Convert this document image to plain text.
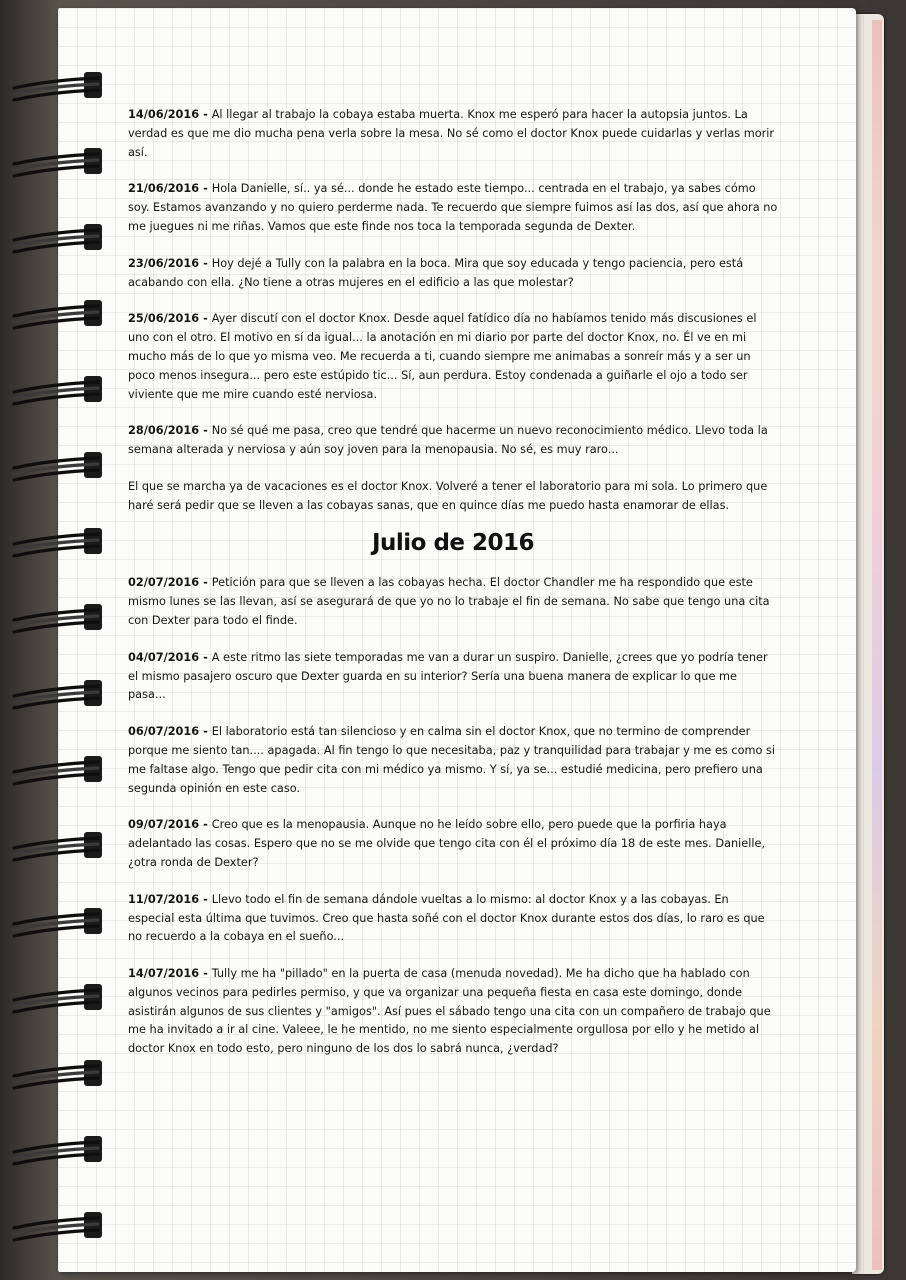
14/06/2016 - Al llegar al trabajo la cobaya estaba muerta. Knox me esperó para hacer la autopsia juntos. La verdad es que me dio mucha pena verla sobre la mesa. No sé como el doctor Knox puede cuidarlas y verlas morir así.

21/06/2016 - Hola Danielle, sí.. ya sé... donde he estado este tiempo... centrada en el trabajo, ya sabes cómo soy. Estamos avanzando y no quiero perderme nada. Te recuerdo que siempre fuimos así las dos, así que ahora no me juegues ni me riñas. Vamos que este finde nos toca la temporada segunda de Dexter.

23/06/2016 - Hoy dejé a Tully con la palabra en la boca. Mira que soy educada y tengo paciencia, pero está acabando con ella. ¿No tiene a otras mujeres en el edificio a las que molestar?

25/06/2016 - Ayer discutí con el doctor Knox. Desde aquel fatídico día no habíamos tenido más discusiones el uno con el otro. El motivo en sí da igual... la anotación en mi diario por parte del doctor Knox, no. Él ve en mi mucho más de lo que yo misma veo. Me recuerda a ti, cuando siempre me animabas a sonreír más y a ser un poco menos insegura... pero este estúpido tic... Sí, aun perdura. Estoy condenada a guiñarle el ojo a todo ser viviente que me mire cuando esté nerviosa.

28/06/2016 - No sé qué me pasa, creo que tendré que hacerme un nuevo reconocimiento médico. Llevo toda la semana alterada y nerviosa y aún soy joven para la menopausia. No sé, es muy raro...

El que se marcha ya de vacaciones es el doctor Knox. Volveré a tener el laboratorio para mi sola. Lo primero que haré será pedir que se lleven a las cobayas sanas, que en quince días me puedo hasta enamorar de ellas.

Julio de 2016

02/07/2016 - Petición para que se lleven a las cobayas hecha. El doctor Chandler me ha respondido que este mismo lunes se las llevan, así se asegurará de que yo no lo trabaje el fin de semana. No sabe que tengo una cita con Dexter para todo el finde.

04/07/2016 - A este ritmo las siete temporadas me van a durar un suspiro. Danielle, ¿crees que yo podría tener el mismo pasajero oscuro que Dexter guarda en su interior? Sería una buena manera de explicar lo que me pasa...

06/07/2016 - El laboratorio está tan silencioso y en calma sin el doctor Knox, que no termino de comprender porque me siento tan.... apagada. Al fin tengo lo que necesitaba, paz y tranquilidad para trabajar y me es como si me faltase algo. Tengo que pedir cita con mi médico ya mismo. Y sí, ya se... estudié medicina, pero prefiero una segunda opinión en este caso.

09/07/2016 - Creo que es la menopausia. Aunque no he leído sobre ello, pero puede que la porfiria haya adelantado las cosas. Espero que no se me olvide que tengo cita con él el próximo día 18 de este mes. Danielle, ¿otra ronda de Dexter?

11/07/2016 - Llevo todo el fin de semana dándole vueltas a lo mismo: al doctor Knox y a las cobayas. En especial esta última que tuvimos. Creo que hasta soñé con el doctor Knox durante estos dos días, lo raro es que no recuerdo a la cobaya en el sueño...

14/07/2016 - Tully me ha "pillado" en la puerta de casa (menuda novedad). Me ha dicho que ha hablado con algunos vecinos para pedirles permiso, y que va organizar una pequeña fiesta en casa este domingo, donde asistirán algunos de sus clientes y "amigos". Así pues el sábado tengo una cita con un compañero de trabajo que me ha invitado a ir al cine. Valeee, le he mentido, no me siento especialmente orgullosa por ello y he metido al doctor Knox en todo esto, pero ninguno de los dos lo sabrá nunca, ¿verdad?
